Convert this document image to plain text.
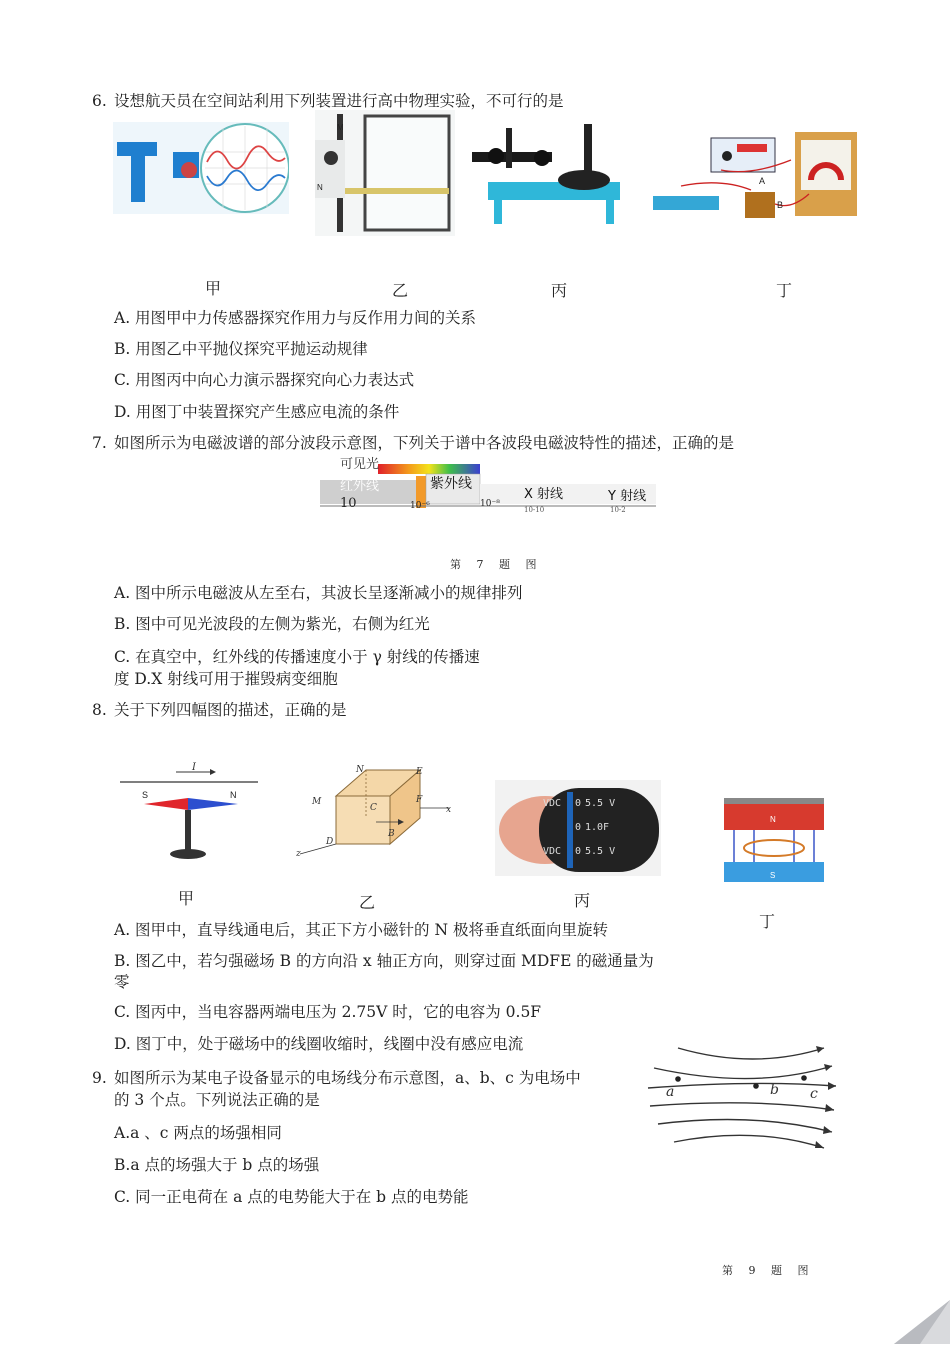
6. 设想航天员在空间站利用下列装置进行高中物理实验，不可行的是
M
N
A
B
甲	乙	丙	丁
A. 用图甲中力传感器探究作用力与反作用力间的关系
B. 用图乙中平抛仪探究平抛运动规律
C. 用图丙中向心力演示器探究向心力表达式
D. 用图丁中装置探究产生感应电流的条件
7. 如图所示为电磁波谱的部分波段示意图，下列关于谱中各波段电磁波特性的描述，正确的是
可见光
红外线	紫外线
X 射线	Y 射线
10	10⁻⁶	10⁻⁸
10-10	10-2
第 7 题 图
A. 图中所示电磁波从左至右，其波长呈逐渐减小的规律排列
B. 图中可见光波段的左侧为紫光，右侧为红光
C. 在真空中，红外线的传播速度小于 γ 射线的传播速
度 D.X 射线可用于摧毁病变细胞
8. 关于下列四幅图的描述，正确的是
I
S	N
N	E
M	F
C
B
D
x
z
VDC 0 5.5 V
0 1.0F
VDC 0 5.5 V
N
S
甲	乙	丙
丁
A. 图甲中，直导线通电后，其正下方小磁针的 N 极将垂直纸面向里旋转
B. 图乙中，若匀强磁场 B 的方向沿 x 轴正方向，则穿过面 MDFE 的磁通量为
零
C. 图丙中，当电容器两端电压为 2.75V 时，它的电容为 0.5F
D. 图丁中，处于磁场中的线圈收缩时，线圈中没有感应电流
9. 如图所示为某电子设备显示的电场线分布示意图，a、b、c 为电场中
的 3 个点。下列说法正确的是
A.a 、c 两点的场强相同
B.a 点的场强大于 b 点的场强
C. 同一正电荷在 a 点的电势能大于在 b 点的电势能
a	b c
第 9 题 图
